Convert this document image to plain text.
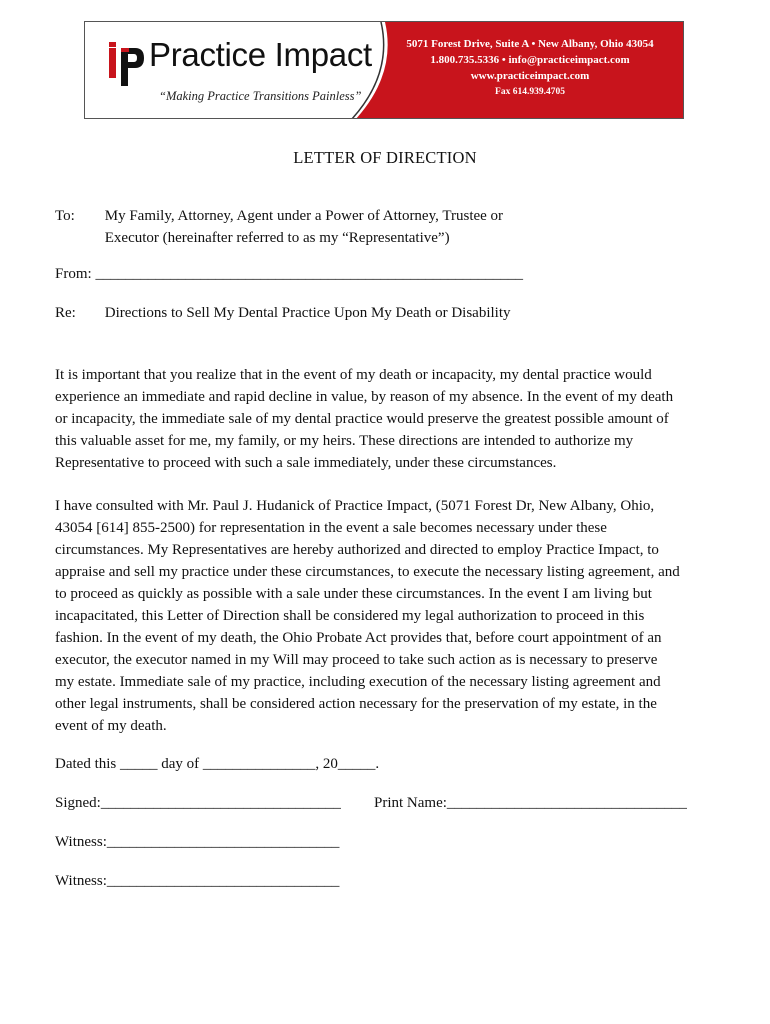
Practice Impact
“Making Practice Transitions Painless”
5071 Forest Drive, Suite A • New Albany, Ohio 43054
1.800.735.5336 • info@practiceimpact.com
www.practiceimpact.com
Fax 614.939.4705
LETTER OF DIRECTION
To: My Family, Attorney, Agent under a Power of Attorney, Trustee or
Executor (hereinafter referred to as my “Representative”)
From: _________________________________________________________
Re: Directions to Sell My Dental Practice Upon My Death or Disability
It is important that you realize that in the event of my death or incapacity, my dental practice would
experience an immediate and rapid decline in value, by reason of my absence. In the event of my death
or incapacity, the immediate sale of my dental practice would preserve the greatest possible amount of
this valuable asset for me, my family, or my heirs. These directions are intended to authorize my
Representative to proceed with such a sale immediately, under these circumstances.
I have consulted with Mr. Paul J. Hudanick of Practice Impact, (5071 Forest Dr, New Albany, Ohio,
43054 [614] 855-2500) for representation in the event a sale becomes necessary under these
circumstances. My Representatives are hereby authorized and directed to employ Practice Impact, to
appraise and sell my practice under these circumstances, to execute the necessary listing agreement, and
to proceed as quickly as possible with a sale under these circumstances. In the event I am living but
incapacitated, this Letter of Direction shall be considered my legal authorization to proceed in this
fashion. In the event of my death, the Ohio Probate Act provides that, before court appointment of an
executor, the executor named in my Will may proceed to take such action as is necessary to preserve
my estate. Immediate sale of my practice, including execution of the necessary listing agreement and
other legal instruments, shall be considered action necessary for the preservation of my estate, in the
event of my death.
Dated this _____ day of _______________, 20_____.
Signed:________________________________ Print Name:________________________________
Witness:_______________________________
Witness:_______________________________
